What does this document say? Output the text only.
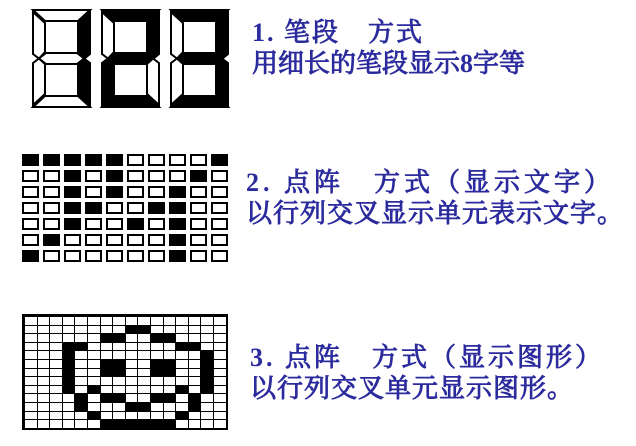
1. 笔段　方式
用细长的笔段显示8字等
2. 点阵　方式（显示文字）
以行列交叉显示单元表示文字。
3. 点阵　方式（显示图形）
以行列交叉单元显示图形。
